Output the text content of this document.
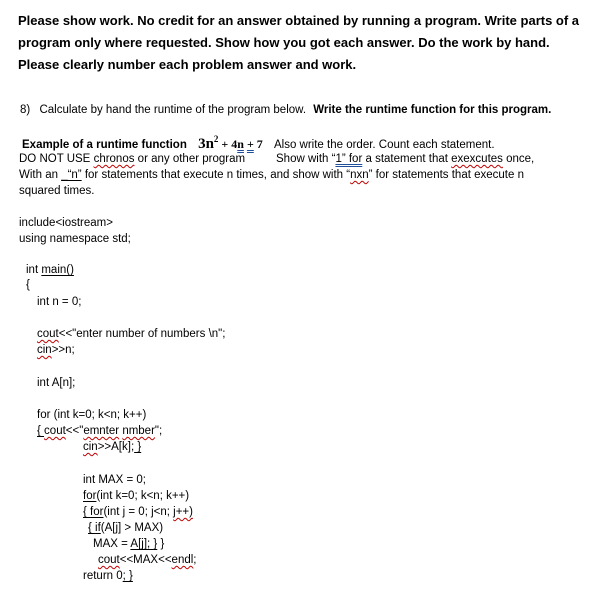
Please show work. No credit for an answer obtained by running a program. Write parts of a
program only where requested. Show how you got each answer. Do the work by hand.
Please clearly number each problem answer and work.
8) Calculate by hand the runtime of the program below. Write the runtime function for this program.
Example of a runtime function $3n^2 + 4n + 7$ Also write the order. Count each statement.
DO NOT USE chronos or any other program	Show with “1” for a statement that exexcutes once,
With an _“n” for statements that execute n times, and show with “nxn” for statements that execute n
squared times.
include<iostream>
using namespace std;
int main()
{
int n = 0;
cout<<"enter number of numbers \n";
cin>>n;
int A[n];
for (int k=0; k<n; k++)
{ cout<<"emnter nmber";
cin>>A[k]; }
int MAX = 0;
for(int k=0; k<n; k++)
{ for(int j = 0; j<n; j++)
{ if(A[j] > MAX)
MAX = A[j]; } }
cout<<MAX<<endl;
return 0; }
